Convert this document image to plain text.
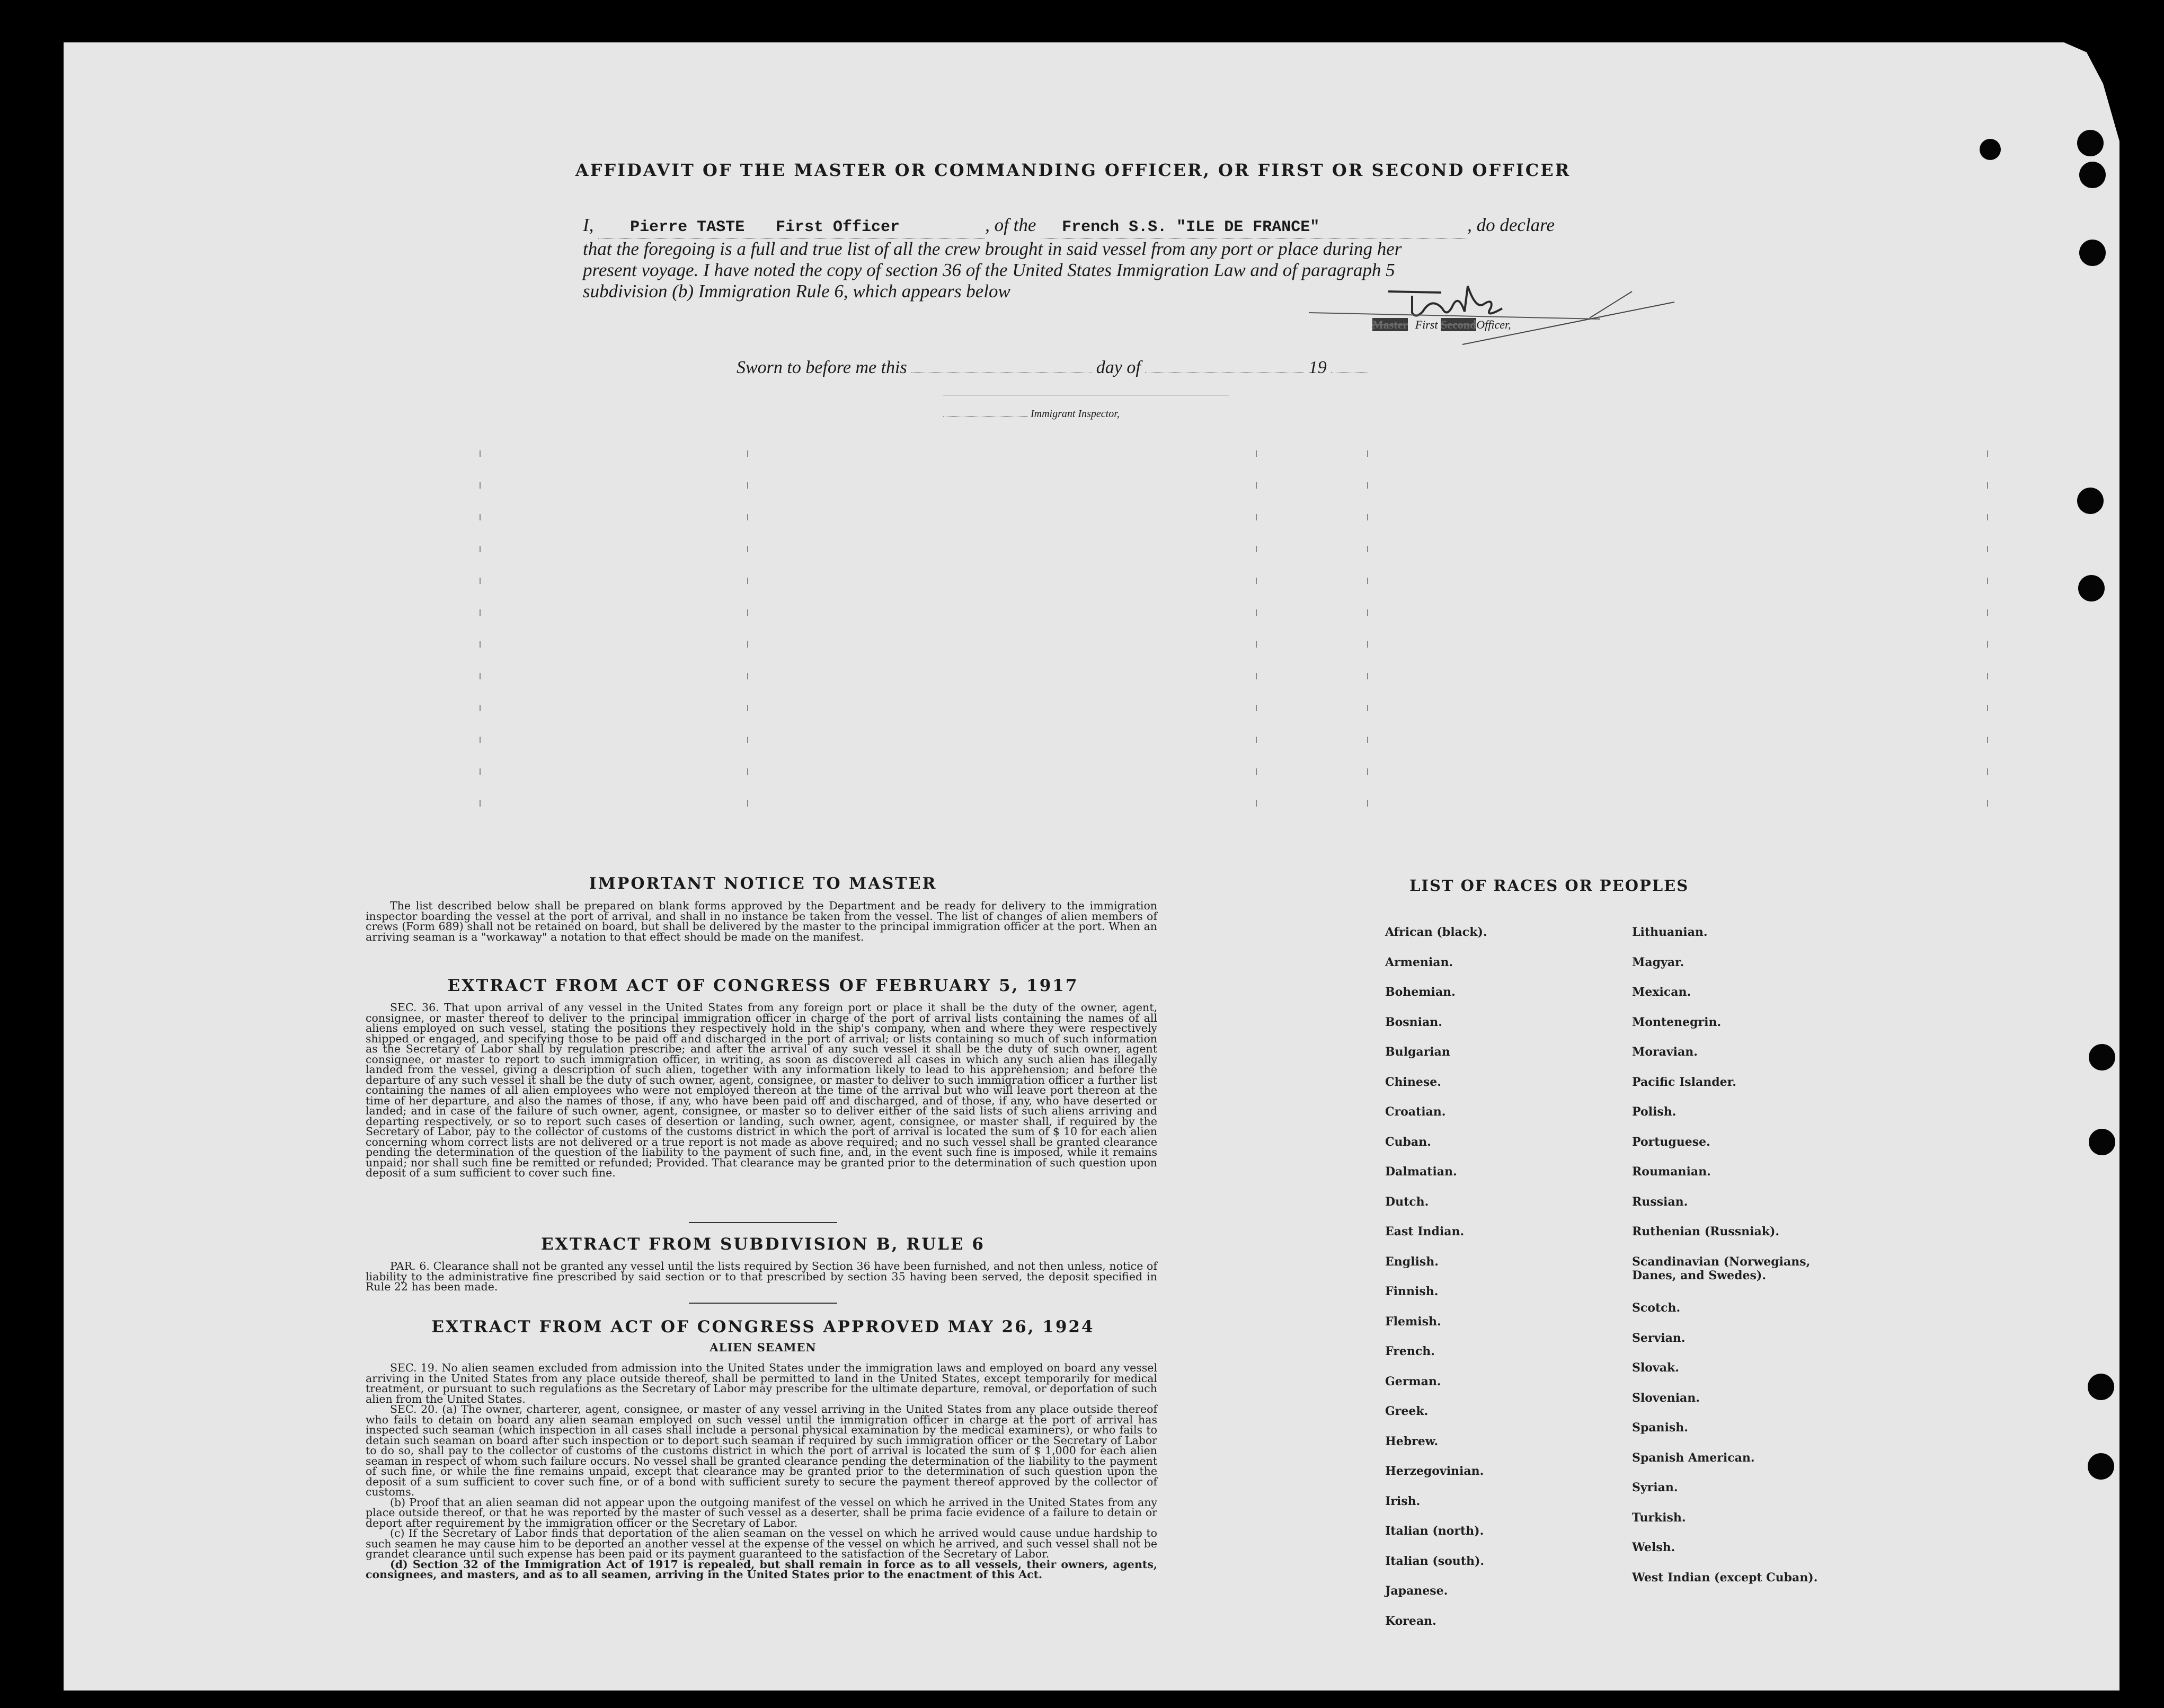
AFFIDAVIT OF THE MASTER OR COMMANDING OFFICER, OR FIRST OR SECOND OFFICER
I, Pierre TASTE First Officer	, of the French S.S. "ILE DE FRANCE"	, do declare
that the foregoing is a full and true list of all the crew brought in said vessel from any port or place during her
present voyage. I have noted the copy of section 36 of the United States Immigration Law and of paragraph 5
subdivision (b) Immigration Rule 6, which appears below
Master First SecondOfficer,
Sworn to before me this	day of	19
Immigrant Inspector,
IMPORTANT NOTICE TO MASTER
The list described below shall be prepared on blank forms approved by the Department and be ready for delivery to the immigration inspector boarding the vessel at the port of arrival, and shall in no instance be taken from the vessel. The list of changes of alien members of crews (Form 689) shall not be retained on board, but shall be delivered by the master to the principal immigration officer at the port. When an arriving seaman is a "workaway" a notation to that effect should be made on the manifest.
EXTRACT FROM ACT OF CONGRESS OF FEBRUARY 5, 1917
SEC. 36. That upon arrival of any vessel in the United States from any foreign port or place it shall be the duty of the owner, agent, consignee, or master thereof to deliver to the principal immigration officer in charge of the port of arrival lists containing the names of all aliens employed on such vessel, stating the positions they respectively hold in the ship's company, when and where they were respectively shipped or engaged, and specifying those to be paid off and discharged in the port of arrival; or lists containing so much of such information as the Secretary of Labor shall by regulation prescribe; and after the arrival of any such vessel it shall be the duty of such owner, agent consignee, or master to report to such immigration officer, in writing, as soon as discovered all cases in which any such alien has illegally landed from the vessel, giving a description of such alien, together with any information likely to lead to his apprehension; and before the departure of any such vessel it shall be the duty of such owner, agent, consignee, or master to deliver to such immigration officer a further list containing the names of all alien employees who were not employed thereon at the time of the arrival but who will leave port thereon at the time of her departure, and also the names of those, if any, who have been paid off and discharged, and of those, if any, who have deserted or landed; and in case of the failure of such owner, agent, consignee, or master so to deliver either of the said lists of such aliens arriving and departing respectively, or so to report such cases of desertion or landing, such owner, agent, consignee, or master shall, if required by the Secretary of Labor, pay to the collector of customs of the customs district in which the port of arrival is located the sum of $ 10 for each alien concerning whom correct lists are not delivered or a true report is not made as above required; and no such vessel shall be granted clearance pending the determination of the question of the liability to the payment of such fine, and, in the event such fine is imposed, while it remains unpaid; nor shall such fine be remitted or refunded; Provided. That clearance may be granted prior to the determination of such question upon deposit of a sum sufficient to cover such fine.
EXTRACT FROM SUBDIVISION B, RULE 6
PAR. 6. Clearance shall not be granted any vessel until the lists required by Section 36 have been furnished, and not then unless, notice of liability to the administrative fine prescribed by said section or to that prescribed by section 35 having been served, the deposit specified in Rule 22 has been made.
EXTRACT FROM ACT OF CONGRESS APPROVED MAY 26, 1924
ALIEN SEAMEN
SEC. 19. No alien seamen excluded from admission into the United States under the immigration laws and employed on board any vessel arriving in the United States from any place outside thereof, shall be permitted to land in the United States, except temporarily for medical treatment, or pursuant to such regulations as the Secretary of Labor may prescribe for the ultimate departure, removal, or deportation of such alien from the United States.
SEC. 20. (a) The owner, charterer, agent, consignee, or master of any vessel arriving in the United States from any place outside thereof who fails to detain on board any alien seaman employed on such vessel until the immigration officer in charge at the port of arrival has inspected such seaman (which inspection in all cases shall include a personal physical examination by the medical examiners), or who fails to detain such seaman on board after such inspection or to deport such seaman if required by such immigration officer or the Secretary of Labor to do so, shall pay to the collector of customs of the customs district in which the port of arrival is located the sum of $ 1,000 for each alien seaman in respect of whom such failure occurs. No vessel shall be granted clearance pending the determination of the liability to the payment of such fine, or while the fine remains unpaid, except that clearance may be granted prior to the determination of such question upon the deposit of a sum sufficient to cover such fine, or of a bond with sufficient surety to secure the payment thereof approved by the collector of customs.
(b) Proof that an alien seaman did not appear upon the outgoing manifest of the vessel on which he arrived in the United States from any place outside thereof, or that he was reported by the master of such vessel as a deserter, shall be prima facie evidence of a failure to detain or deport after requirement by the immigration officer or the Secretary of Labor.
(c) If the Secretary of Labor finds that deportation of the alien seaman on the vessel on which he arrived would cause undue hardship to such seamen he may cause him to be deported an another vessel at the expense of the vessel on which he arrived, and such vessel shall not be grandet clearance until such expense has been paid or its payment guaranteed to the satisfaction of the Secretary of Labor.
(d) Section 32 of the Immigration Act of 1917 is repealed, but shall remain in force as to all vessels, their owners, agents, consignees, and masters, and as to all seamen, arriving in the United States prior to the enactment of this Act.
LIST OF RACES OR PEOPLES
African (black).
Armenian.
Bohemian.
Bosnian.
Bulgarian
Chinese.
Croatian.
Cuban.
Dalmatian.
Dutch.
East Indian.
English.
Finnish.
Flemish.
French.
German.
Greek.
Hebrew.
Herzegovinian.
Irish.
Italian (north).
Italian (south).
Japanese.
Korean.
Lithuanian.
Magyar.
Mexican.
Montenegrin.
Moravian.
Pacific Islander.
Polish.
Portuguese.
Roumanian.
Russian.
Ruthenian (Russniak).
Scandinavian (Norwegians, Danes, and Swedes).
Scotch.
Servian.
Slovak.
Slovenian.
Spanish.
Spanish American.
Syrian.
Turkish.
Welsh.
West Indian (except Cuban).
